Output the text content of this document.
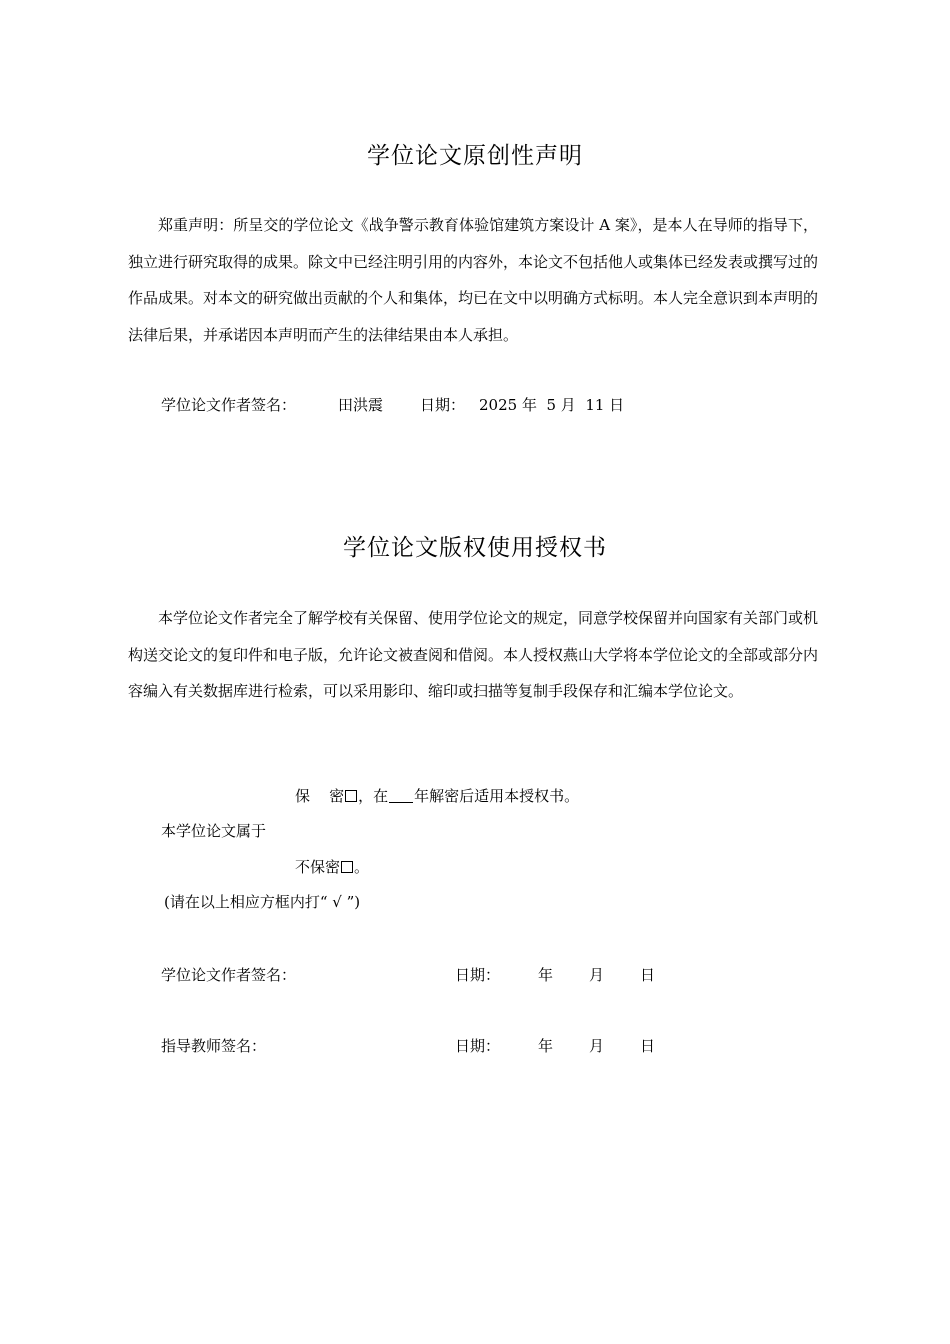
学位论文原创性声明
郑重声明：所呈交的学位论文《战争警示教育体验馆建筑方案设计 A 案》，是本人在导师的指导下，独立进行研究取得的成果。除文中已经注明引用的内容外，本论文不包括他人或集体已经发表或撰写过的作品成果。对本文的研究做出贡献的个人和集体，均已在文中以明确方式标明。本人完全意识到本声明的法律后果，并承诺因本声明而产生的法律结果由本人承担。
学位论文作者签名：	田洪震 日期： 2025 年  5 月  11 日
学位论文版权使用授权书
本学位论文作者完全了解学校有关保留、使用学位论文的规定，同意学校保留并向国家有关部门或机构送交论文的复印件和电子版，允许论文被查阅和借阅。本人授权燕山大学将本学位论文的全部或部分内容编入有关数据库进行检索，可以采用影印、缩印或扫描等复制手段保存和汇编本学位论文。
保    密 ，在 年解密后适用本授权书。
本学位论文属于
不保密 。
(请在以上相应方框内打“ √ ”)
学位论文作者签名：	日期：	年 月 日
指导教师签名：	日期：	年 月 日
